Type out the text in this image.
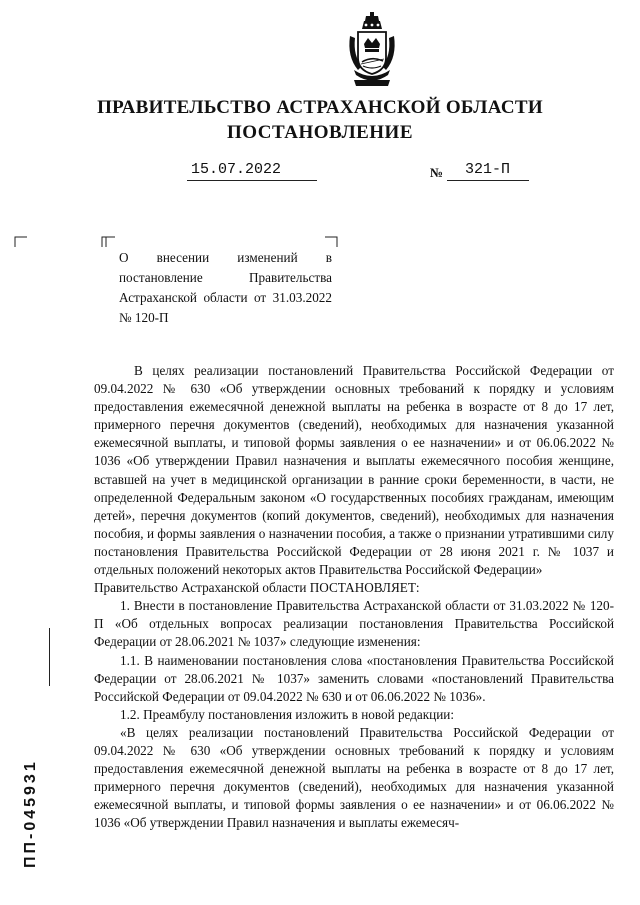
ПРАВИТЕЛЬСТВО АСТРАХАНСКОЙ ОБЛАСТИ
ПОСТАНОВЛЕНИЕ
15.07.2022	№	321-П
О внесении изменений в постановление Правительства Астраханской области от 31.03.2022 № 120-П

В целях реализации постановлений Правительства Российской Федерации от 09.04.2022 № 630 «Об утверждении основных требований к порядку и условиям предоставления ежемесячной денежной выплаты на ребенка в возрасте от 8 до 17 лет, примерного перечня документов (сведений), необходимых для назначения указанной ежемесячной выплаты, и типовой формы заявления о ее назначении» и от 06.06.2022 № 1036 «Об утверждении Правил назначения и выплаты ежемесячного пособия женщине, вставшей на учет в медицинской организации в ранние сроки беременности, в части, не определенной Федеральным законом «О государственных пособиях гражданам, имеющим детей», перечня документов (копий документов, сведений), необходимых для назначения пособия, и формы заявления о назначении пособия, а также о признании утратившими силу постановления Правительства Российской Федерации от 28 июня 2021 г. № 1037 и отдельных положений некоторых актов Правительства Российской Федерации»

Правительство Астраханской области ПОСТАНОВЛЯЕТ:

1. Внести в постановление Правительства Астраханской области от 31.03.2022 № 120-П «Об отдельных вопросах реализации постановления Правительства Российской Федерации от 28.06.2021 № 1037» следующие изменения:

1.1. В наименовании постановления слова «постановления Правительства Российской Федерации от 28.06.2021 № 1037» заменить словами «постановлений Правительства Российской Федерации от 09.04.2022 № 630 и от 06.06.2022 № 1036».

1.2. Преамбулу постановления изложить в новой редакции:

«В целях реализации постановлений Правительства Российской Федерации от 09.04.2022 № 630 «Об утверждении основных требований к порядку и условиям предоставления ежемесячной денежной выплаты на ребенка в возрасте от 8 до 17 лет, примерного перечня документов (сведений), необходимых для назначения указанной ежемесячной выплаты, и типовой формы заявления о ее назначении» и от 06.06.2022 № 1036 «Об утверждении Правил назначения и выплаты ежемесяч-

ПП-045931
